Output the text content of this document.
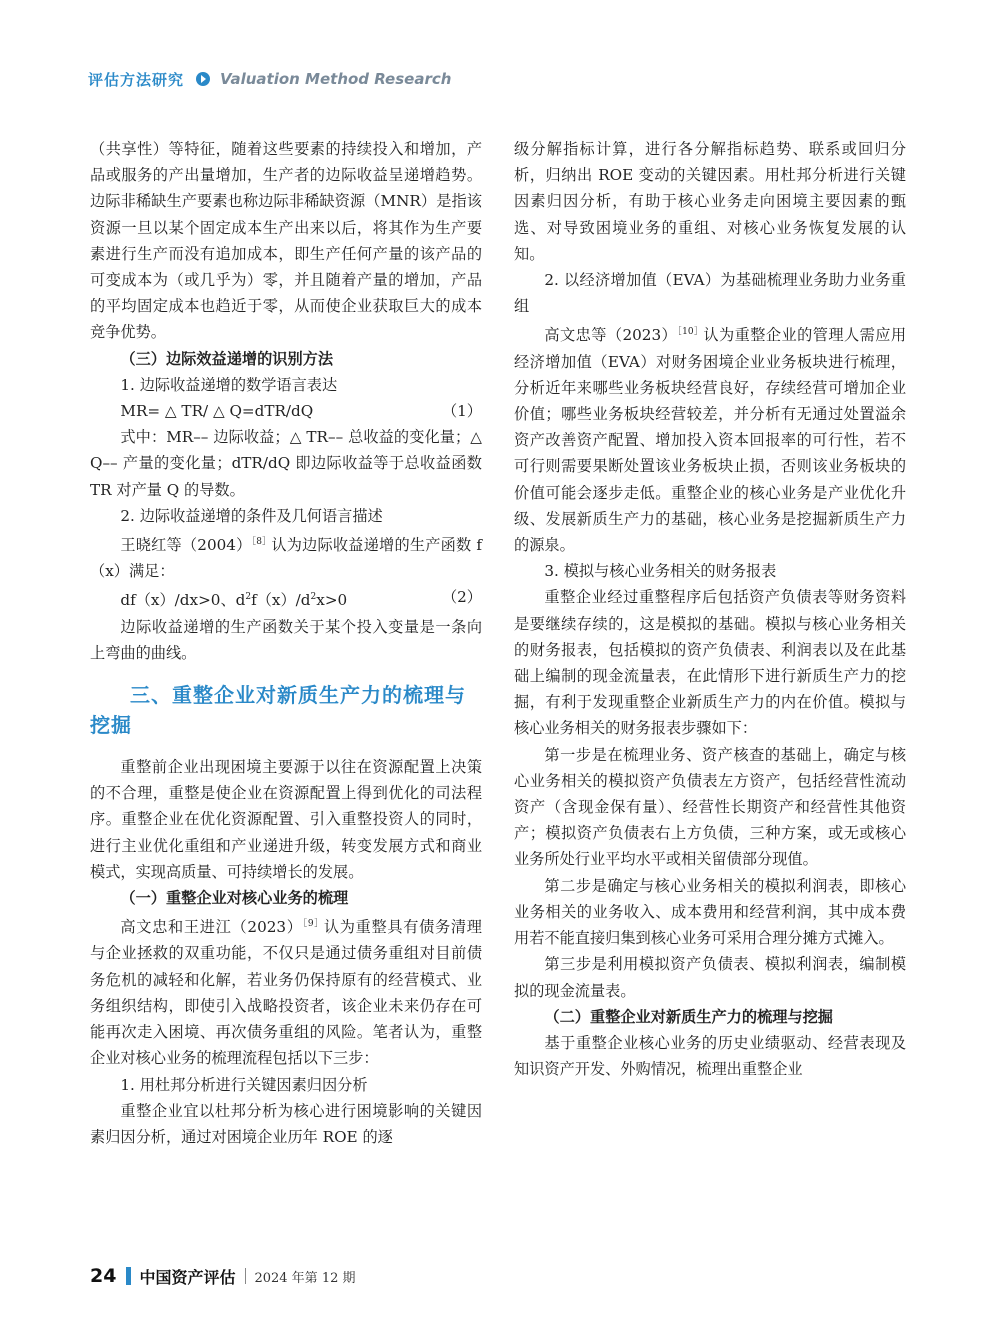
评估方法研究 Valuation Method Research

（共享性）等特征，随着这些要素的持续投入和增加，产品或服务的产出量增加，生产者的边际收益呈递增趋势。边际非稀缺生产要素也称边际非稀缺资源（MNR）是指该资源一旦以某个固定成本生产出来以后，将其作为生产要素进行生产而没有追加成本，即生产任何产量的该产品的可变成本为（或几乎为）零，并且随着产量的增加，产品的平均固定成本也趋近于零，从而使企业获取巨大的成本竞争优势。

（三）边际效益递增的识别方法

1. 边际收益递增的数学语言表达

MR= △ TR/ △ Q=dTR/dQ	（1）

式中：MR–– 边际收益；△ TR–– 总收益的变化量；△ Q–– 产量的变化量；dTR/dQ 即边际收益等于总收益函数 TR 对产量 Q 的导数。

2. 边际收益递增的条件及几何语言描述

王晓红等$(2004)^{[8]}$认为边际收益递增的生产函数 f（x）满足：

df（x）/dx>0、$d^2f(x)/d^2x>0$	（2）

边际收益递增的生产函数关于某个投入变量是一条向上弯曲的曲线。

三、重整企业对新质生产力的梳理与挖掘

重整前企业出现困境主要源于以往在资源配置上决策的不合理，重整是使企业在资源配置上得到优化的司法程序。重整企业在优化资源配置、引入重整投资人的同时，进行主业优化重组和产业递进升级，转变发展方式和商业模式，实现高质量、可持续增长的发展。

（一）重整企业对核心业务的梳理

高文忠和王进江$(2023)^{[9]}$认为重整具有债务清理与企业拯救的双重功能，不仅只是通过债务重组对目前债务危机的减轻和化解，若业务仍保持原有的经营模式、业务组织结构，即使引入战略投资者，该企业未来仍存在可能再次走入困境、再次债务重组的风险。笔者认为，重整企业对核心业务的梳理流程包括以下三步：

1. 用杜邦分析进行关键因素归因分析

重整企业宜以杜邦分析为核心进行困境影响的关键因素归因分析，通过对困境企业历年 ROE 的逐

级分解指标计算，进行各分解指标趋势、联系或回归分析，归纳出 ROE 变动的关键因素。用杜邦分析进行关键因素归因分析，有助于核心业务走向困境主要因素的甄选、对导致困境业务的重组、对核心业务恢复发展的认知。

2. 以经济增加值（EVA）为基础梳理业务助力业务重组

高文忠等$(2023)^{[10]}$认为重整企业的管理人需应用经济增加值（EVA）对财务困境企业业务板块进行梳理，分析近年来哪些业务板块经营良好，存续经营可增加企业价值；哪些业务板块经营较差，并分析有无通过处置溢余资产改善资产配置、增加投入资本回报率的可行性，若不可行则需要果断处置该业务板块止损，否则该业务板块的价值可能会逐步走低。重整企业的核心业务是产业优化升级、发展新质生产力的基础，核心业务是挖掘新质生产力的源泉。

3. 模拟与核心业务相关的财务报表

重整企业经过重整程序后包括资产负债表等财务资料是要继续存续的，这是模拟的基础。模拟与核心业务相关的财务报表，包括模拟的资产负债表、利润表以及在此基础上编制的现金流量表，在此情形下进行新质生产力的挖掘，有利于发现重整企业新质生产力的内在价值。模拟与核心业务相关的财务报表步骤如下：

第一步是在梳理业务、资产核查的基础上，确定与核心业务相关的模拟资产负债表左方资产，包括经营性流动资产（含现金保有量）、经营性长期资产和经营性其他资产；模拟资产负债表右上方负债，三种方案，或无或核心业务所处行业平均水平或相关留债部分现值。

第二步是确定与核心业务相关的模拟利润表，即核心业务相关的业务收入、成本费用和经营利润，其中成本费用若不能直接归集到核心业务可采用合理分摊方式摊入。

第三步是利用模拟资产负债表、模拟利润表，编制模拟的现金流量表。

（二）重整企业对新质生产力的梳理与挖掘

基于重整企业核心业务的历史业绩驱动、经营表现及知识资产开发、外购情况，梳理出重整企业

24 中国资产评估 2024 年第 12 期
